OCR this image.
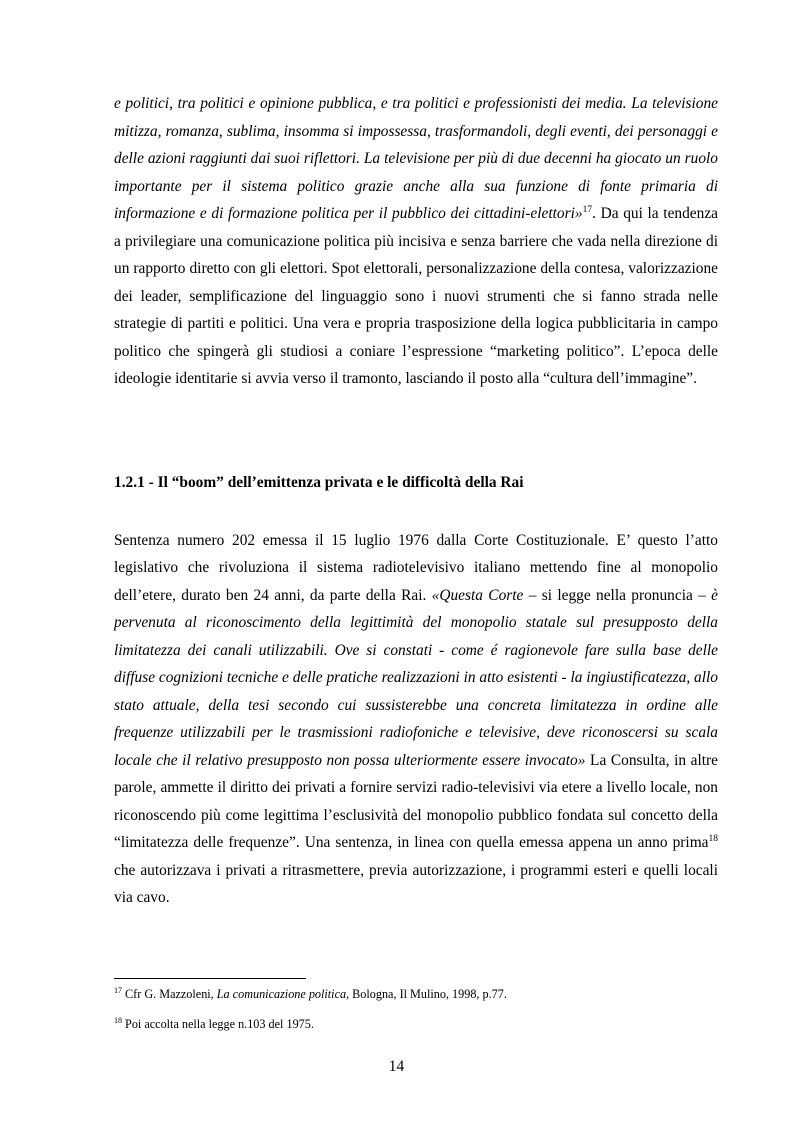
e politici, tra politici e opinione pubblica, e tra politici e professionisti dei media. La televisione mitizza, romanza, sublima, insomma si impossessa, trasformandoli, degli eventi, dei personaggi e delle azioni raggiunti dai suoi riflettori. La televisione per più di due decenni ha giocato un ruolo importante per il sistema politico grazie anche alla sua funzione di fonte primaria di informazione e di formazione politica per il pubblico dei cittadini-elettori»$^{17}$. Da qui la tendenza a privilegiare una comunicazione politica più incisiva e senza barriere che vada nella direzione di un rapporto diretto con gli elettori. Spot elettorali, personalizzazione della contesa, valorizzazione dei leader, semplificazione del linguaggio sono i nuovi strumenti che si fanno strada nelle strategie di partiti e politici. Una vera e propria trasposizione della logica pubblicitaria in campo politico che spingerà gli studiosi a coniare l’espressione “marketing politico”. L’epoca delle ideologie identitarie si avvia verso il tramonto, lasciando il posto alla “cultura dell’immagine”.

1.2.1 - Il “boom” dell’emittenza privata e le difficoltà della Rai

Sentenza numero 202 emessa il 15 luglio 1976 dalla Corte Costituzionale. E’ questo l’atto legislativo che rivoluziona il sistema radiotelevisivo italiano mettendo fine al monopolio dell’etere, durato ben 24 anni, da parte della Rai. «Questa Corte – si legge nella pronuncia – è pervenuta al riconoscimento della legittimità del monopolio statale sul presupposto della limitatezza dei canali utilizzabili. Ove si constati - come é ragionevole fare sulla base delle diffuse cognizioni tecniche e delle pratiche realizzazioni in atto esistenti - la ingiustificatezza, allo stato attuale, della tesi secondo cui sussisterebbe una concreta limitatezza in ordine alle frequenze utilizzabili per le trasmissioni radiofoniche e televisive, deve riconoscersi su scala locale che il relativo presupposto non possa ulteriormente essere invocato» La Consulta, in altre parole, ammette il diritto dei privati a fornire servizi radio-televisivi via etere a livello locale, non riconoscendo più come legittima l’esclusività del monopolio pubblico fondata sul concetto della “limitatezza delle frequenze”. Una sentenza, in linea con quella emessa appena un anno prima$^{18}$ che autorizzava i privati a ritrasmettere, previa autorizzazione, i programmi esteri e quelli locali via cavo.

$^{17}$ Cfr G. Mazzoleni, La comunicazione politica, Bologna, Il Mulino, 1998, p.77.
$^{18}$ Poi accolta nella legge n.103 del 1975.
14
